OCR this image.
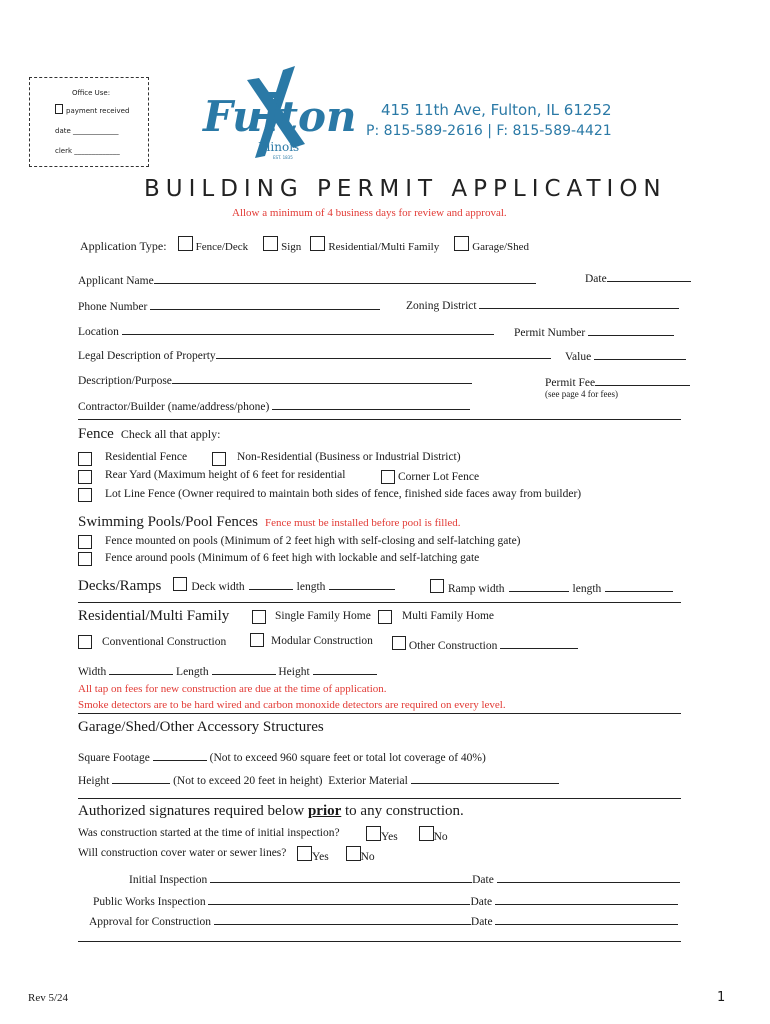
Office Use:
payment received
date _____________
clerk _____________
Fulton
Illinois
EST. 1835
415 11th Ave, Fulton, IL 61252
P: 815-589-2616 | F: 815-589-4421
BUILDING PERMIT APPLICATION
Allow a minimum of 4 business days for review and approval.
Application Type:	Fence/Deck	Sign Residential/Multi Family	Garage/Shed
Applicant Name	Date
Phone Number	Zoning District
Location	Permit Number
Legal Description of Property	Value
Description/Purpose	Permit Fee
(see page 4 for fees)
Contractor/Builder (name/address/phone)
Fence Check all that apply:
Residential Fence	Non-Residential (Business or Industrial District)
Rear Yard (Maximum height of 6 feet for residential	Corner Lot Fence
Lot Line Fence (Owner required to maintain both sides of fence, finished side faces away from builder)
Swimming Pools/Pool Fences Fence must be installed before pool is filled.
Fence mounted on pools (Minimum of 2 feet high with self-closing and self-latching gate)
Fence around pools (Minimum of 6 feet high with lockable and self-latching gate
Decks/Ramps	Deck width	length	Ramp width	length
Residential/Multi Family	Single Family Home	Multi Family Home
Conventional Construction	Modular Construction	Other Construction
Width	Length	Height
All tap on fees for new construction are due at the time of application.
Smoke detectors are to be hard wired and carbon monoxide detectors are required on every level.
Garage/Shed/Other Accessory Structures
Square Footage	(Not to exceed 960 square feet or total lot coverage of 40%)
Height	(Not to exceed 20 feet in height) Exterior Material
Authorized signatures required below prior to any construction.
Was construction started at the time of initial inspection?	Yes	No
Will construction cover water or sewer lines?	Yes	No
Initial Inspection	Date
Public Works Inspection	Date
Approval for Construction	Date
Rev 5/24	1
